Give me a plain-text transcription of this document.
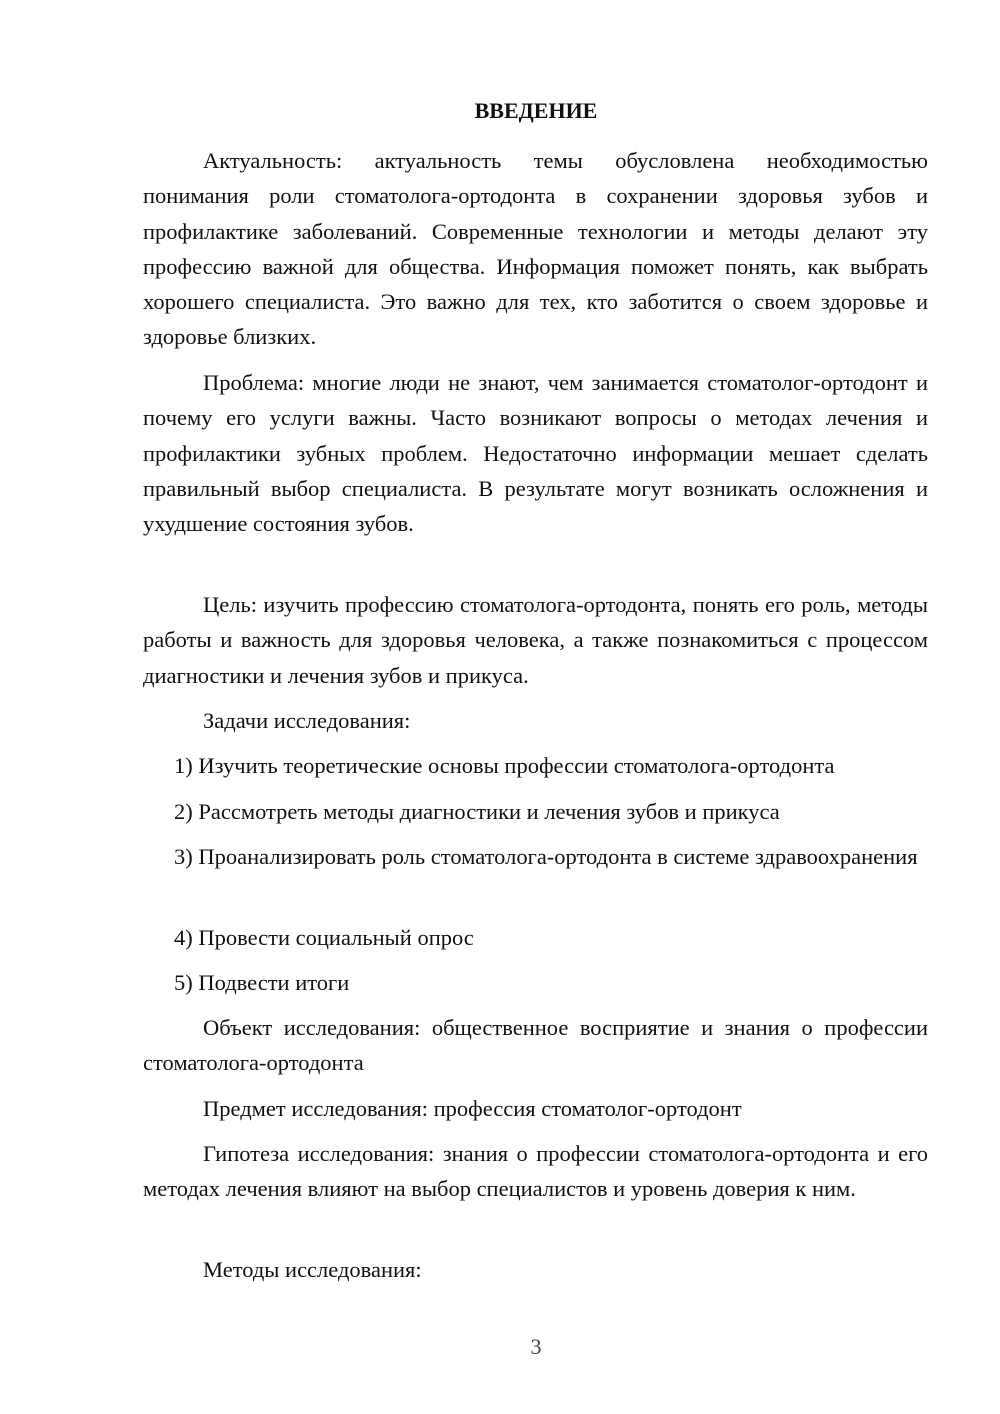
ВВЕДЕНИЕ

Актуальность: актуальность темы обусловлена необходимостью понимания роли стоматолога-ортодонта в сохранении здоровья зубов и профилактике заболеваний. Современные технологии и методы делают эту профессию важной для общества. Информация поможет понять, как выбрать хорошего специалиста. Это важно для тех, кто заботится о своем здоровье и здоровье близких.

Проблема: многие люди не знают, чем занимается стоматолог-ортодонт и почему его услуги важны. Часто возникают вопросы о методах лечения и профилактики зубных проблем. Недостаточно информации мешает сделать правильный выбор специалиста. В результате могут возникать осложнения и ухудшение состояния зубов.

Цель: изучить профессию стоматолога-ортодонта, понять его роль, методы работы и важность для здоровья человека, а также познакомиться с процессом диагностики и лечения зубов и прикуса.

Задачи исследования:

1) Изучить теоретические основы профессии стоматолога-ортодонта

2) Рассмотреть методы диагностики и лечения зубов и прикуса

3) Проанализировать роль стоматолога-ортодонта в системе здравоохранения

4) Провести социальный опрос

5) Подвести итоги

Объект исследования: общественное восприятие и знания о профессии стоматолога-ортодонта

Предмет исследования: профессия стоматолог-ортодонт

Гипотеза исследования: знания о профессии стоматолога-ортодонта и его методах лечения влияют на выбор специалистов и уровень доверия к ним.

Методы исследования:

3
